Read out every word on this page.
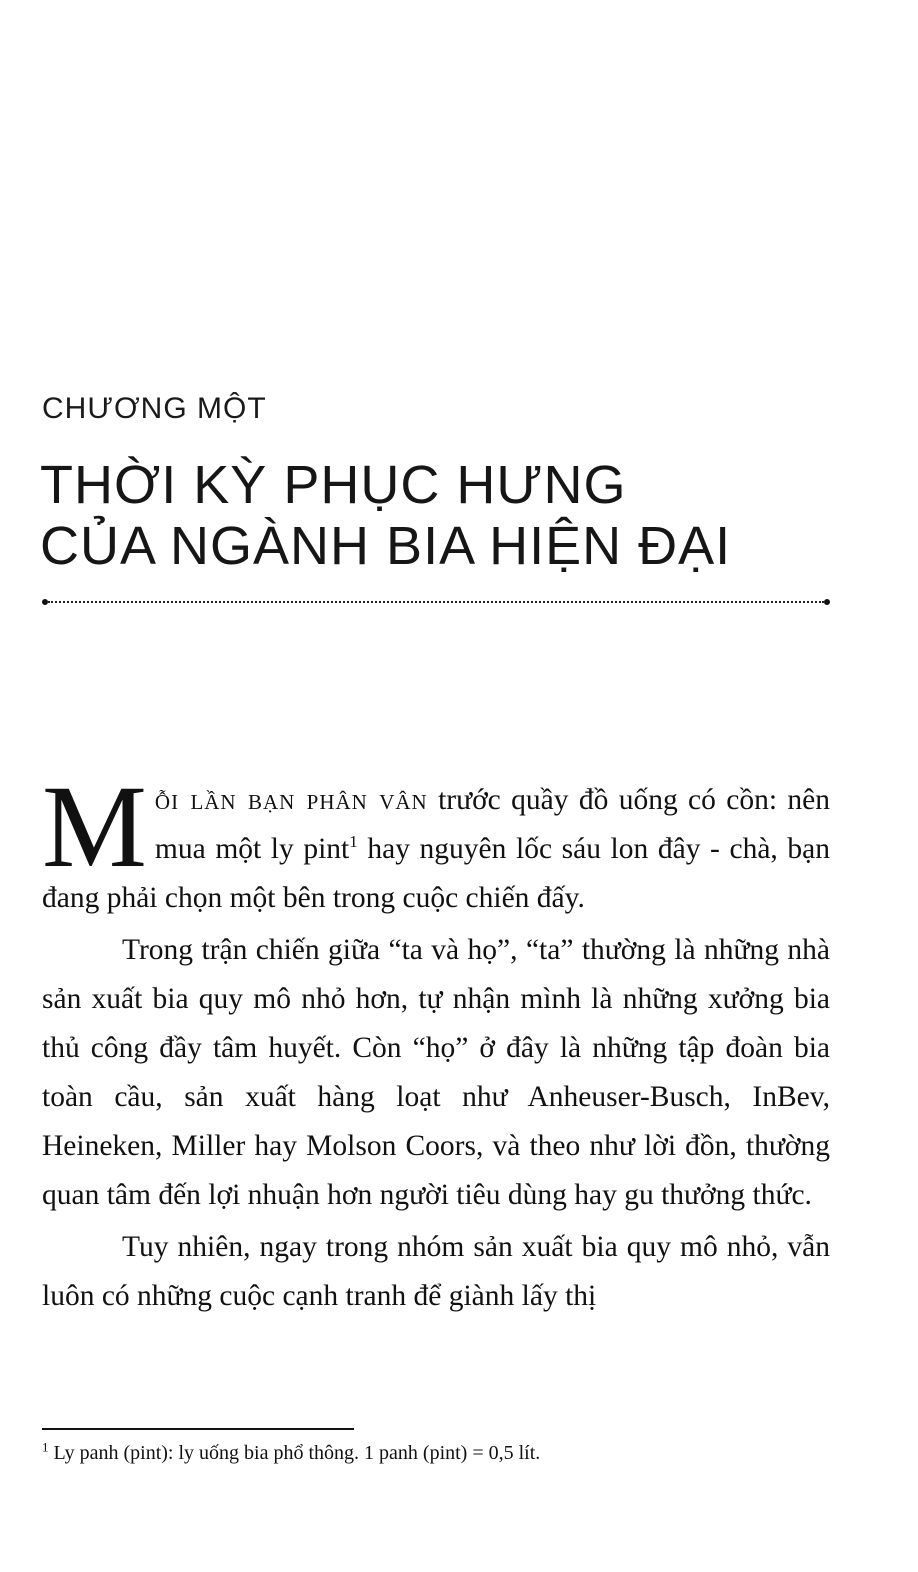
CHƯƠNG MỘT
THỜI KỲ PHỤC HƯNG
CỦA NGÀNH BIA HIỆN ĐẠI

Mỗi lần bạn phân vân trước quầy đồ uống có cồn: nên mua một ly pint$^1$ hay nguyên lốc sáu lon đây - chà, bạn đang phải chọn một bên trong cuộc chiến đấy.

Trong trận chiến giữa “ta và họ”, “ta” thường là những nhà sản xuất bia quy mô nhỏ hơn, tự nhận mình là những xưởng bia thủ công đầy tâm huyết. Còn “họ” ở đây là những tập đoàn bia toàn cầu, sản xuất hàng loạt như Anheuser-Busch, InBev, Heineken, Miller hay Molson Coors, và theo như lời đồn, thường quan tâm đến lợi nhuận hơn người tiêu dùng hay gu thưởng thức.

Tuy nhiên, ngay trong nhóm sản xuất bia quy mô nhỏ, vẫn luôn có những cuộc cạnh tranh để giành lấy thị

$^1$ Ly panh (pint): ly uống bia phổ thông. 1 panh (pint) = 0,5 lít.
